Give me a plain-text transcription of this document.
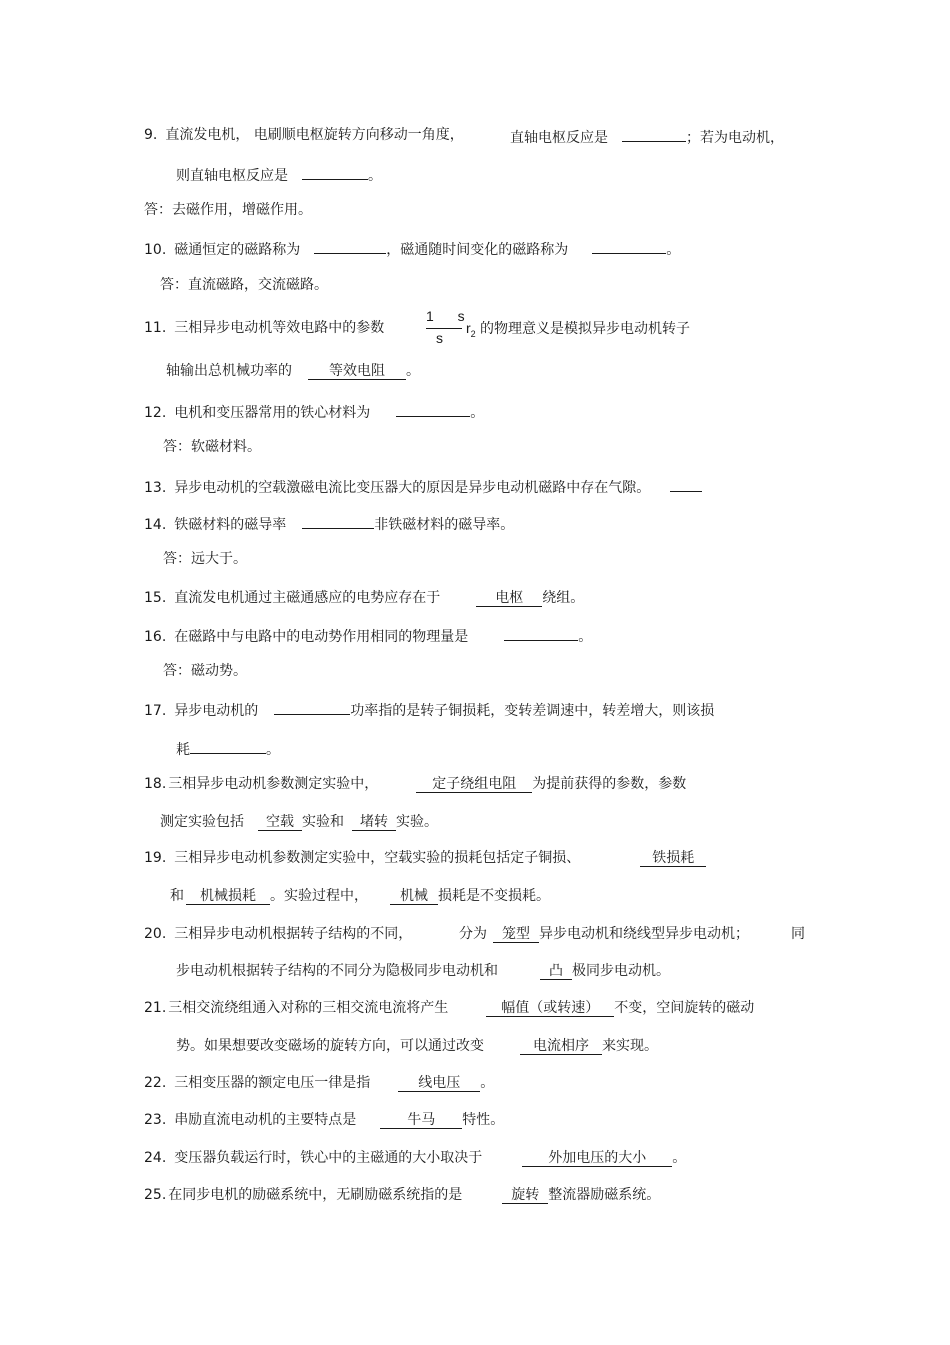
9. 直流发电机， 电刷顺电枢旋转方向移动一角度，	直轴电枢反应是	；若为电动机，
则直轴电枢反应是	。
答：去磁作用，增磁作用。
10. 磁通恒定的磁路称为	，磁通随时间变化的磁路称为	。
答：直流磁路，交流磁路。
11. 三相异步电动机等效电路中的参数
1 s
s
$r_2$ 的物理意义是模拟异步电动机转子
轴输出总机械功率的	等效电阻 。
12. 电机和变压器常用的铁心材料为	。
答：软磁材料。
13. 异步电动机的空载激磁电流比变压器大的原因是异步电动机磁路中存在气隙。
14. 铁磁材料的磁导率	非铁磁材料的磁导率。
答：远大于。
15. 直流发电机通过主磁通感应的电势应存在于	电枢 绕组。
16. 在磁路中与电路中的电动势作用相同的物理量是	。
答：磁动势。
17. 异步电动机的	功率指的是转子铜损耗，变转差调速中，转差增大，则该损
耗	。
18. 三相异步电动机参数测定实验中，	定子绕组电阻 为提前获得的参数，参数
测定实验包括 空载 实验和 堵转 实验。
19. 三相异步电动机参数测定实验中，空载实验的损耗包括定子铜损、	铁损耗
和 机械损耗 。实验过程中， 机械 损耗是不变损耗。
20. 三相异步电动机根据转子结构的不同，	分为 笼型 异步电动机和绕线型异步电动机；	同
步电动机根据转子结构的不同分为隐极同步电动机和	凸 极同步电动机。
21. 三相交流绕组通入对称的三相交流电流将产生	幅值（或转速） 不变，空间旋转的磁动
势。如果想要改变磁场的旋转方向，可以通过改变	电流相序 来实现。
22. 三相变压器的额定电压一律是指	线电压 。
23. 串励直流电动机的主要特点是	牛马 特性。
24. 变压器负载运行时，铁心中的主磁通的大小取决于	外加电压的大小 。
25. 在同步电机的励磁系统中，无刷励磁系统指的是	旋转 整流器励磁系统。
